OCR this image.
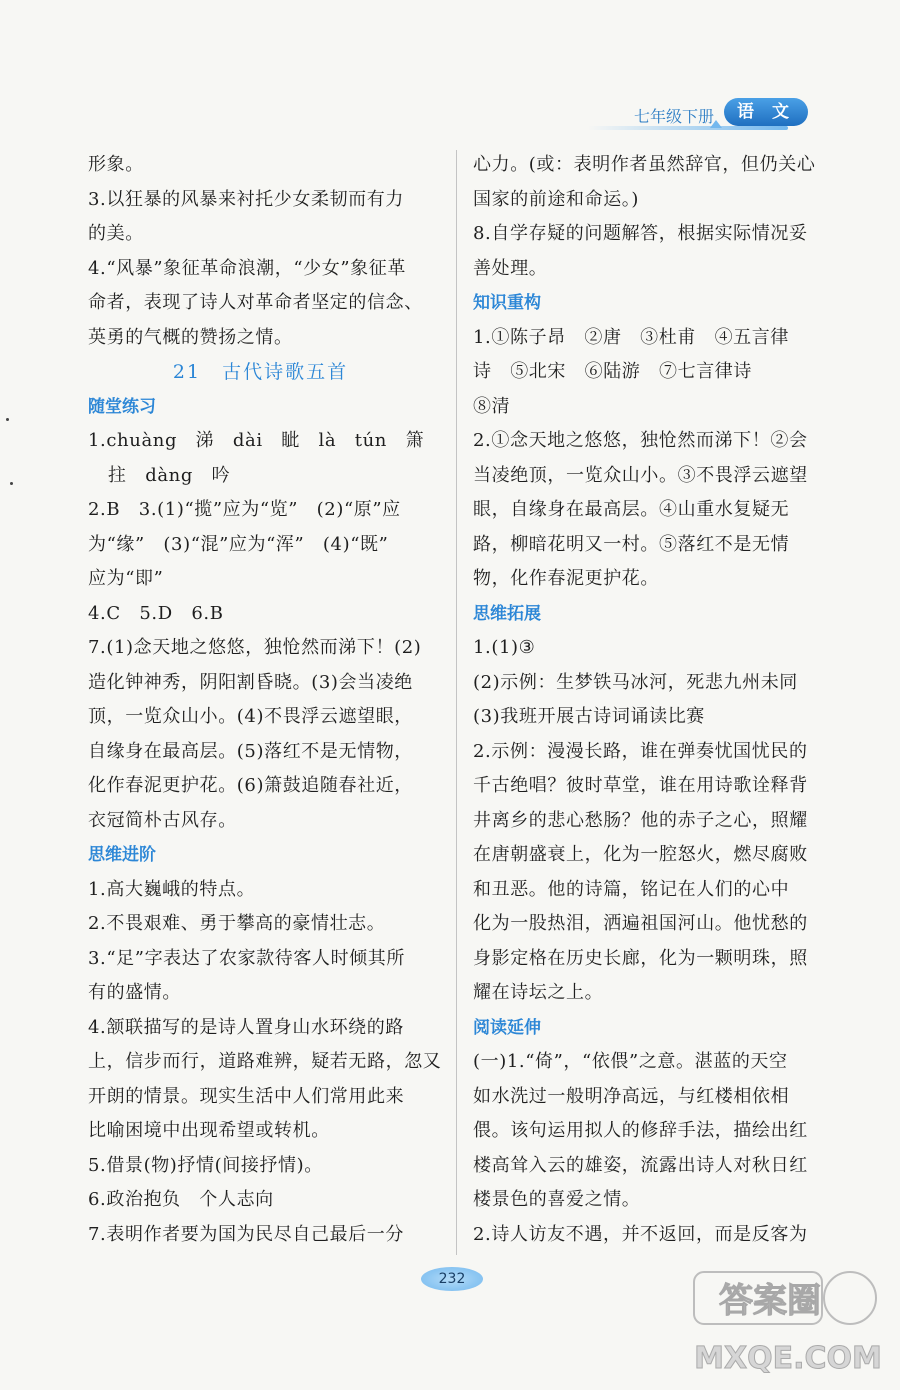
七年级下册	语 文
形象。
3.以狂暴的风暴来衬托少女柔韧而有力
的美。
4.“风暴”象征革命浪潮，“少女”象征革
命者，表现了诗人对革命者坚定的信念、
英勇的气概的赞扬之情。
21　古代诗歌五首
随堂练习
1.chuàng　涕　dài　眦　là　tún　箫
拄　dàng　吟
2.B　3.(1)“揽”应为“览”　(2)“原”应
为“缘”　(3)“混”应为“浑”　(4)“既”
应为“即”
4.C　5.D　6.B
7.(1)念天地之悠悠，独怆然而涕下！(2)
造化钟神秀，阴阳割昏晓。(3)会当凌绝
顶，一览众山小。(4)不畏浮云遮望眼，
自缘身在最高层。(5)落红不是无情物，
化作春泥更护花。(6)箫鼓追随春社近，
衣冠简朴古风存。
思维进阶
1.高大巍峨的特点。
2.不畏艰难、勇于攀高的豪情壮志。
3.“足”字表达了农家款待客人时倾其所
有的盛情。
4.颔联描写的是诗人置身山水环绕的路
上，信步而行，道路难辨，疑若无路，忽又
开朗的情景。现实生活中人们常用此来
比喻困境中出现希望或转机。
5.借景(物)抒情(间接抒情)。
6.政治抱负　个人志向
7.表明作者要为国为民尽自己最后一分
心力。(或：表明作者虽然辞官，但仍关心
国家的前途和命运。)
8.自学存疑的问题解答，根据实际情况妥
善处理。
知识重构
1.①陈子昂　②唐　③杜甫　④五言律
诗　⑤北宋　⑥陆游　⑦七言律诗
⑧清
2.①念天地之悠悠，独怆然而涕下！②会
当凌绝顶，一览众山小。③不畏浮云遮望
眼，自缘身在最高层。④山重水复疑无
路，柳暗花明又一村。⑤落红不是无情
物，化作春泥更护花。
思维拓展
1.(1)③
(2)示例：生梦铁马冰河，死悲九州未同
(3)我班开展古诗词诵读比赛
2.示例：漫漫长路，谁在弹奏忧国忧民的
千古绝唱？彼时草堂，谁在用诗歌诠释背
井离乡的悲心愁肠？他的赤子之心，照耀
在唐朝盛衰上，化为一腔怒火，燃尽腐败
和丑恶。他的诗篇，铭记在人们的心中
化为一股热泪，洒遍祖国河山。他忧愁的
身影定格在历史长廊，化为一颗明珠，照
耀在诗坛之上。
阅读延伸
(一)1.“倚”，“依偎”之意。湛蓝的天空
如水洗过一般明净高远，与红楼相依相
偎。该句运用拟人的修辞手法，描绘出红
楼高耸入云的雄姿，流露出诗人对秋日红
楼景色的喜爱之情。
2.诗人访友不遇，并不返回，而是反客为
232
答案圈
MXQE.COM
